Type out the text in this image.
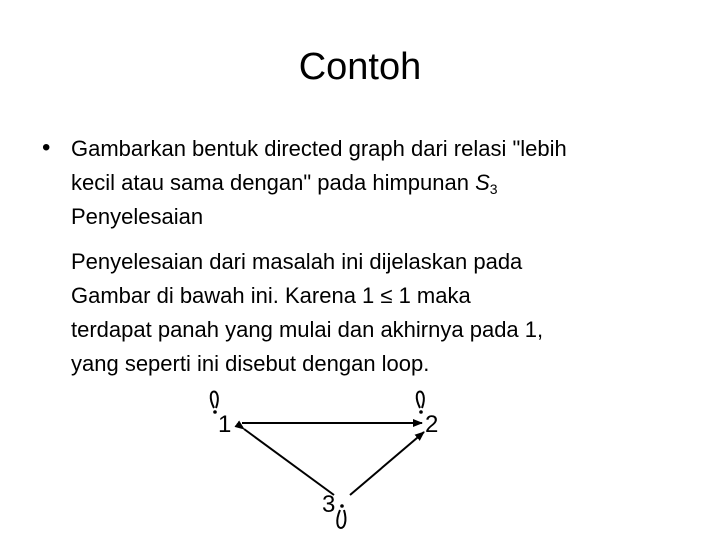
Contoh
• Gambarkan bentuk directed graph dari relasi "lebih
kecil atau sama dengan" pada himpunan $S_3$
Penyelesaian
Penyelesaian dari masalah ini dijelaskan pada
Gambar di bawah ini. Karena 1 ≤ 1 maka
terdapat panah yang mulai dan akhirnya pada 1,
yang seperti ini disebut dengan loop.
1	2
3
